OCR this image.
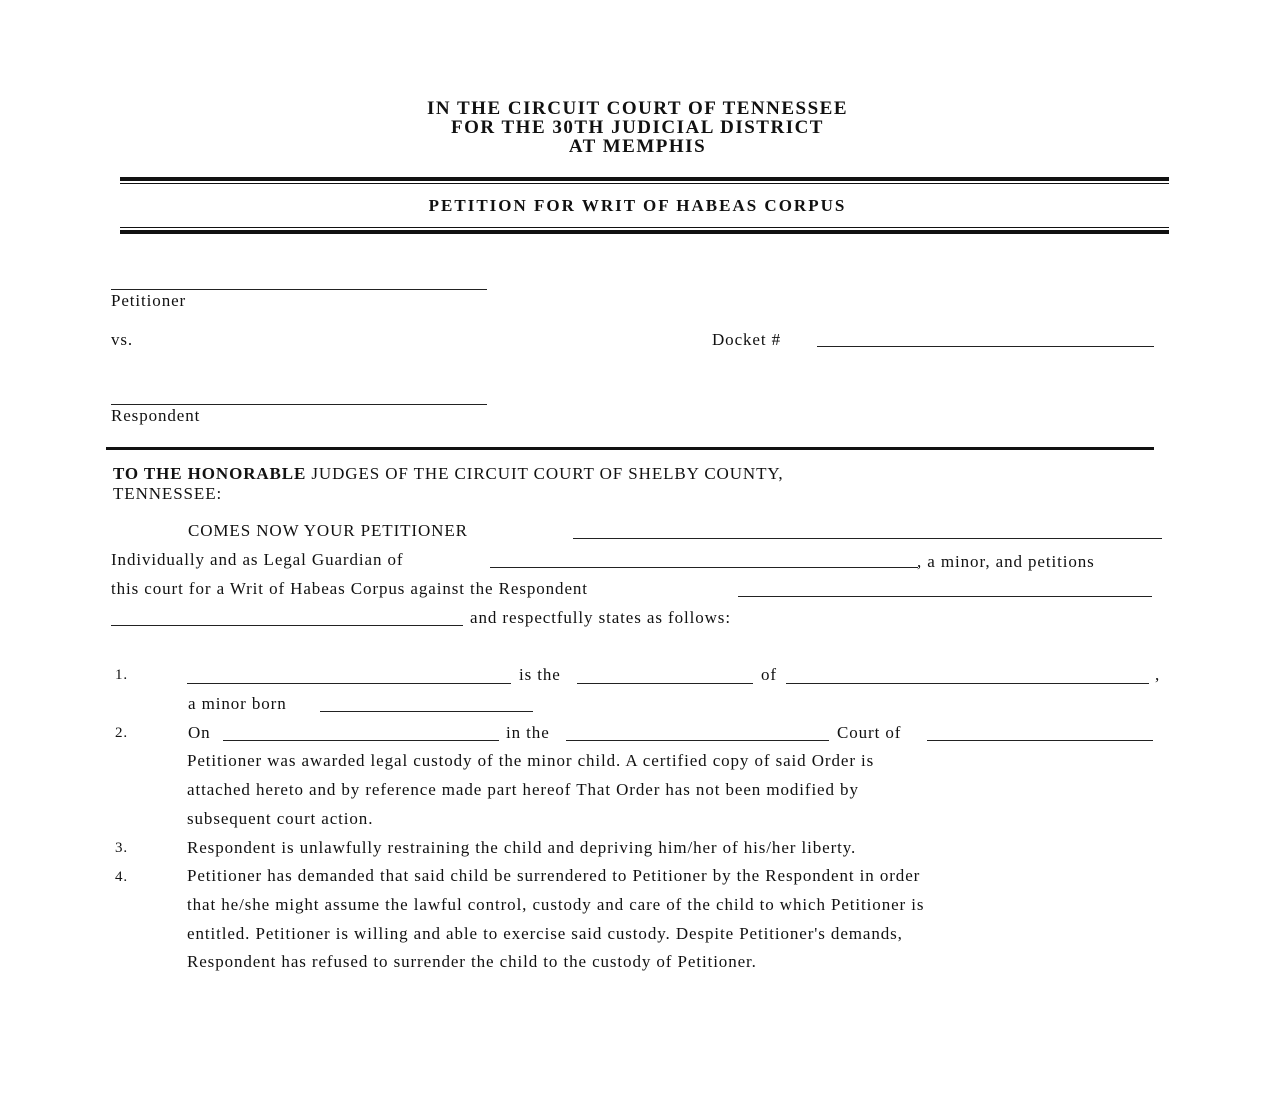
IN THE CIRCUIT COURT OF TENNESSEE
FOR THE 30TH JUDICIAL DISTRICT
AT MEMPHIS
PETITION FOR WRIT OF HABEAS CORPUS
Petitioner
vs.	Docket #
Respondent
TO THE HONORABLE JUDGES OF THE CIRCUIT COURT OF SHELBY COUNTY,
TENNESSEE:
COMES NOW YOUR PETITIONER
Individually and as Legal Guardian of	, a minor, and petitions
this court for a Writ of Habeas Corpus against the Respondent
and respectfully states as follows:
1.	is the	of	,
a minor born
2.	On	in the	Court of
Petitioner was awarded legal custody of the minor child. A certified copy of said Order is
attached hereto and by reference made part hereof That Order has not been modified by
subsequent court action.
3.	Respondent is unlawfully restraining the child and depriving him/her of his/her liberty.
4.	Petitioner has demanded that said child be surrendered to Petitioner by the Respondent in order
that he/she might assume the lawful control, custody and care of the child to which Petitioner is
entitled. Petitioner is willing and able to exercise said custody. Despite Petitioner's demands,
Respondent has refused to surrender the child to the custody of Petitioner.
